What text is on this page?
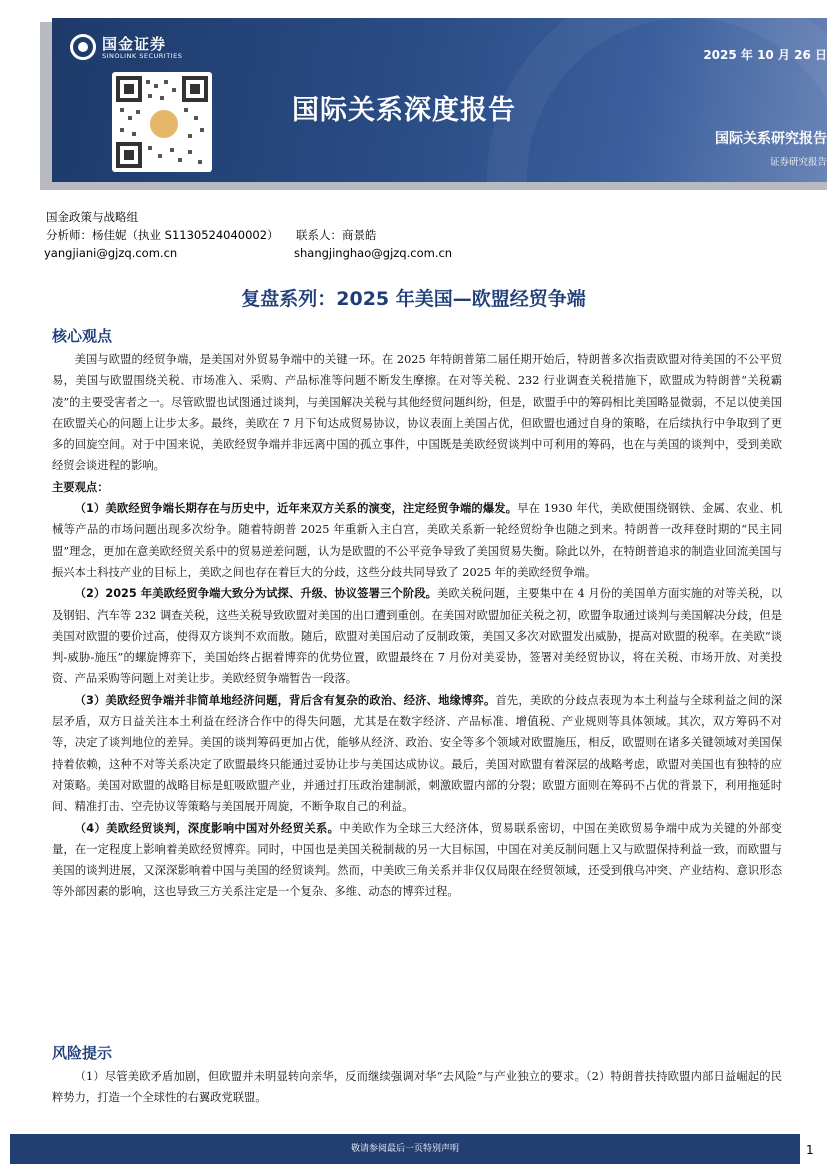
国金证券
SINOLINK SECURITIES
国际关系深度报告
2025 年 10 月 26 日
国际关系研究报告
证券研究报告
国金政策与战略组
分析师：杨佳妮（执业 S1130524040002） 联系人：商景皓
yangjiani@gjzq.com.cn	shangjinghao@gjzq.com.cn
复盘系列：2025 年美国—欧盟经贸争端
核心观点

美国与欧盟的经贸争端，是美国对外贸易争端中的关键一环。在 2025 年特朗普第二届任期开始后，特朗普多次指责欧盟对待美国的不公平贸易，美国与欧盟围绕关税、市场准入、采购、产品标准等问题不断发生摩擦。在对等关税、232 行业调查关税措施下，欧盟成为特朗普“关税霸凌”的主要受害者之一。尽管欧盟也试图通过谈判，与美国解决关税与其他经贸问题纠纷，但是，欧盟手中的筹码相比美国略显微弱，不足以使美国在欧盟关心的问题上让步太多。最终，美欧在 7 月下旬达成贸易协议，协议表面上美国占优，但欧盟也通过自身的策略，在后续执行中争取到了更多的回旋空间。对于中国来说，美欧经贸争端并非远离中国的孤立事件，中国既是美欧经贸谈判中可利用的筹码，也在与美国的谈判中，受到美欧经贸会谈进程的影响。

主要观点：

（1）美欧经贸争端长期存在与历史中，近年来双方关系的演变，注定经贸争端的爆发。早在 1930 年代，美欧便围绕钢铁、金属、农业、机械等产品的市场问题出现多次纷争。随着特朗普 2025 年重新入主白宫，美欧关系新一轮经贸纷争也随之到来。特朗普一改拜登时期的“民主同盟”理念，更加在意美欧经贸关系中的贸易逆差问题，认为是欧盟的不公平竞争导致了美国贸易失衡。除此以外，在特朗普追求的制造业回流美国与振兴本土科技产业的目标上，美欧之间也存在着巨大的分歧，这些分歧共同导致了 2025 年的美欧经贸争端。

（2）2025 年美欧经贸争端大致分为试探、升级、协议签署三个阶段。美欧关税问题，主要集中在 4 月份的美国单方面实施的对等关税，以及钢铝、汽车等 232 调查关税，这些关税导致欧盟对美国的出口遭到重创。在美国对欧盟加征关税之初，欧盟争取通过谈判与美国解决分歧，但是美国对欧盟的要价过高，使得双方谈判不欢而散。随后，欧盟对美国启动了反制政策，美国又多次对欧盟发出威胁，提高对欧盟的税率。在美欧“谈判-威胁-施压”的螺旋博弈下，美国始终占据着博弈的优势位置，欧盟最终在 7 月份对美妥协，签署对美经贸协议，将在关税、市场开放、对美投资、产品采购等问题上对美让步。美欧经贸争端暂告一段落。

（3）美欧经贸争端并非简单地经济问题，背后含有复杂的政治、经济、地缘博弈。首先，美欧的分歧点表现为本土利益与全球利益之间的深层矛盾，双方日益关注本土利益在经济合作中的得失问题，尤其是在数字经济、产品标准、增值税、产业规则等具体领域。其次，双方筹码不对等，决定了谈判地位的差异。美国的谈判筹码更加占优，能够从经济、政治、安全等多个领域对欧盟施压，相反，欧盟则在诸多关键领域对美国保持着依赖，这种不对等关系决定了欧盟最终只能通过妥协让步与美国达成协议。最后，美国对欧盟有着深层的战略考虑，欧盟对美国也有独特的应对策略。美国对欧盟的战略目标是虹吸欧盟产业，并通过打压政治建制派，刺激欧盟内部的分裂；欧盟方面则在筹码不占优的背景下，利用拖延时间、精准打击、空壳协议等策略与美国展开周旋，不断争取自己的利益。

（4）美欧经贸谈判，深度影响中国对外经贸关系。中美欧作为全球三大经济体，贸易联系密切，中国在美欧贸易争端中成为关键的外部变量，在一定程度上影响着美欧经贸博弈。同时，中国也是美国关税制裁的另一大目标国，中国在对美反制问题上又与欧盟保持利益一致，而欧盟与美国的谈判进展，又深深影响着中国与美国的经贸谈判。然而，中美欧三角关系并非仅仅局限在经贸领域，还受到俄乌冲突、产业结构、意识形态等外部因素的影响，这也导致三方关系注定是一个复杂、多维、动态的博弈过程。

风险提示

（1）尽管美欧矛盾加剧，但欧盟并未明显转向亲华，反而继续强调对华“去风险”与产业独立的要求。（2）特朗普扶持欧盟内部日益崛起的民粹势力，打造一个全球性的右翼政党联盟。

敬请参阅最后一页特别声明	1
